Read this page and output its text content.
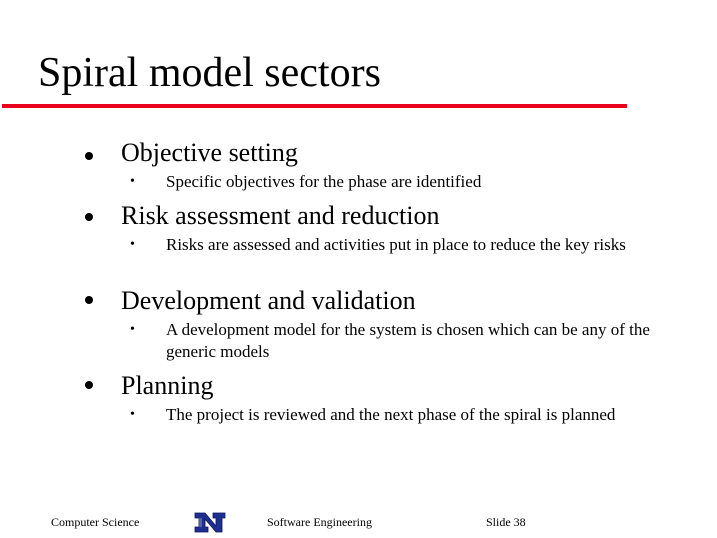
Spiral model sectors
Objective setting
• Specific objectives for the phase are identified
Risk assessment and reduction
• Risks are assessed and activities put in place to reduce the key risks
Development and validation
• A development model for the system is chosen which can be any of the generic models
Planning
• The project is reviewed and the next phase of the spiral is planned
Computer Science	Software Engineering	Slide 38
